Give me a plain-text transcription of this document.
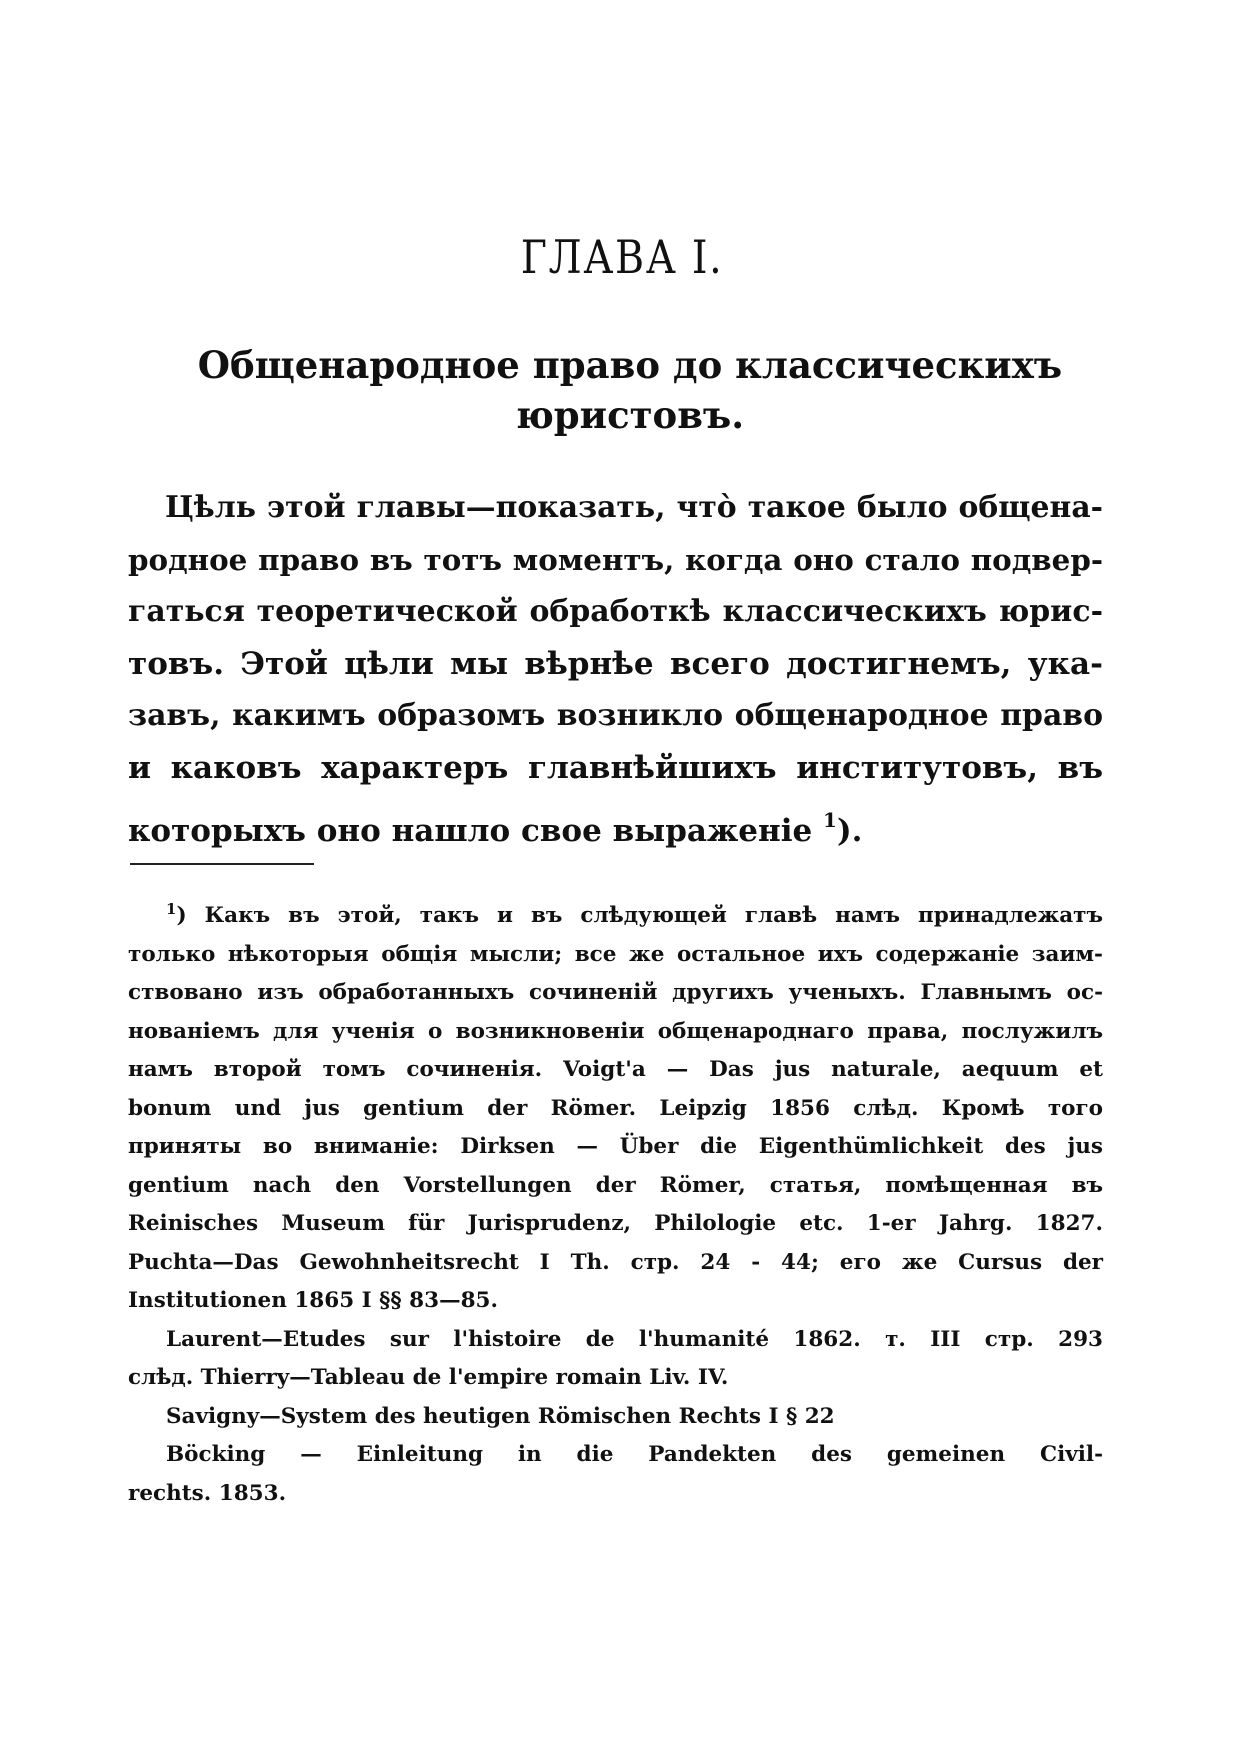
ГЛАВА I.
Общенародное право до классическихъ
юристовъ.
Цѣль этой главы—показать, что̀ такое было общена-
родное право въ тотъ моментъ, когда оно стало подвер-
гаться теоретической обработкѣ классическихъ юрис-
товъ. Этой цѣли мы вѣрнѣе всего достигнемъ, ука-
завъ, какимъ образомъ возникло общенародное право
и каковъ характеръ главнѣйшихъ институтовъ, въ
которыхъ оно нашло свое выраженіе $^1$).
$^1$) Какъ въ этой, такъ и въ слѣдующей главѣ намъ принадлежатъ
только нѣкоторыя общія мысли; все же остальное ихъ содержаніе заим-
ствовано изъ обработанныхъ сочиненій другихъ ученыхъ. Главнымъ ос-
нованіемъ для ученія о возникновеніи общенароднаго права, послужилъ
намъ второй томъ сочиненія. Voigt'a — Das jus naturale, aequum et
bonum und jus gentium der Römer. Leipzig 1856 слѣд. Кромѣ того
приняты во вниманіе: Dirksen — Über die Eigenthümlichkeit des jus
gentium nach den Vorstellungen der Römer, статья, помѣщенная въ
Reinisches Museum für Jurisprudenz, Philologie etc. 1-er Jahrg. 1827.
Puchta—Das Gewohnheitsrecht I Th. стр. 24 - 44; его же Cursus der
Institutionen 1865 I §§ 83—85.
Laurent—Etudes sur l'histoire de l'humanité 1862. т. III стр. 293
слѣд. Thierry—Tableau de l'empire romain Liv. IV.
Savigny—System des heutigen Römischen Rechts I § 22
Böcking — Einleitung in die Pandekten des gemeinen Civil-
rechts. 1853.
